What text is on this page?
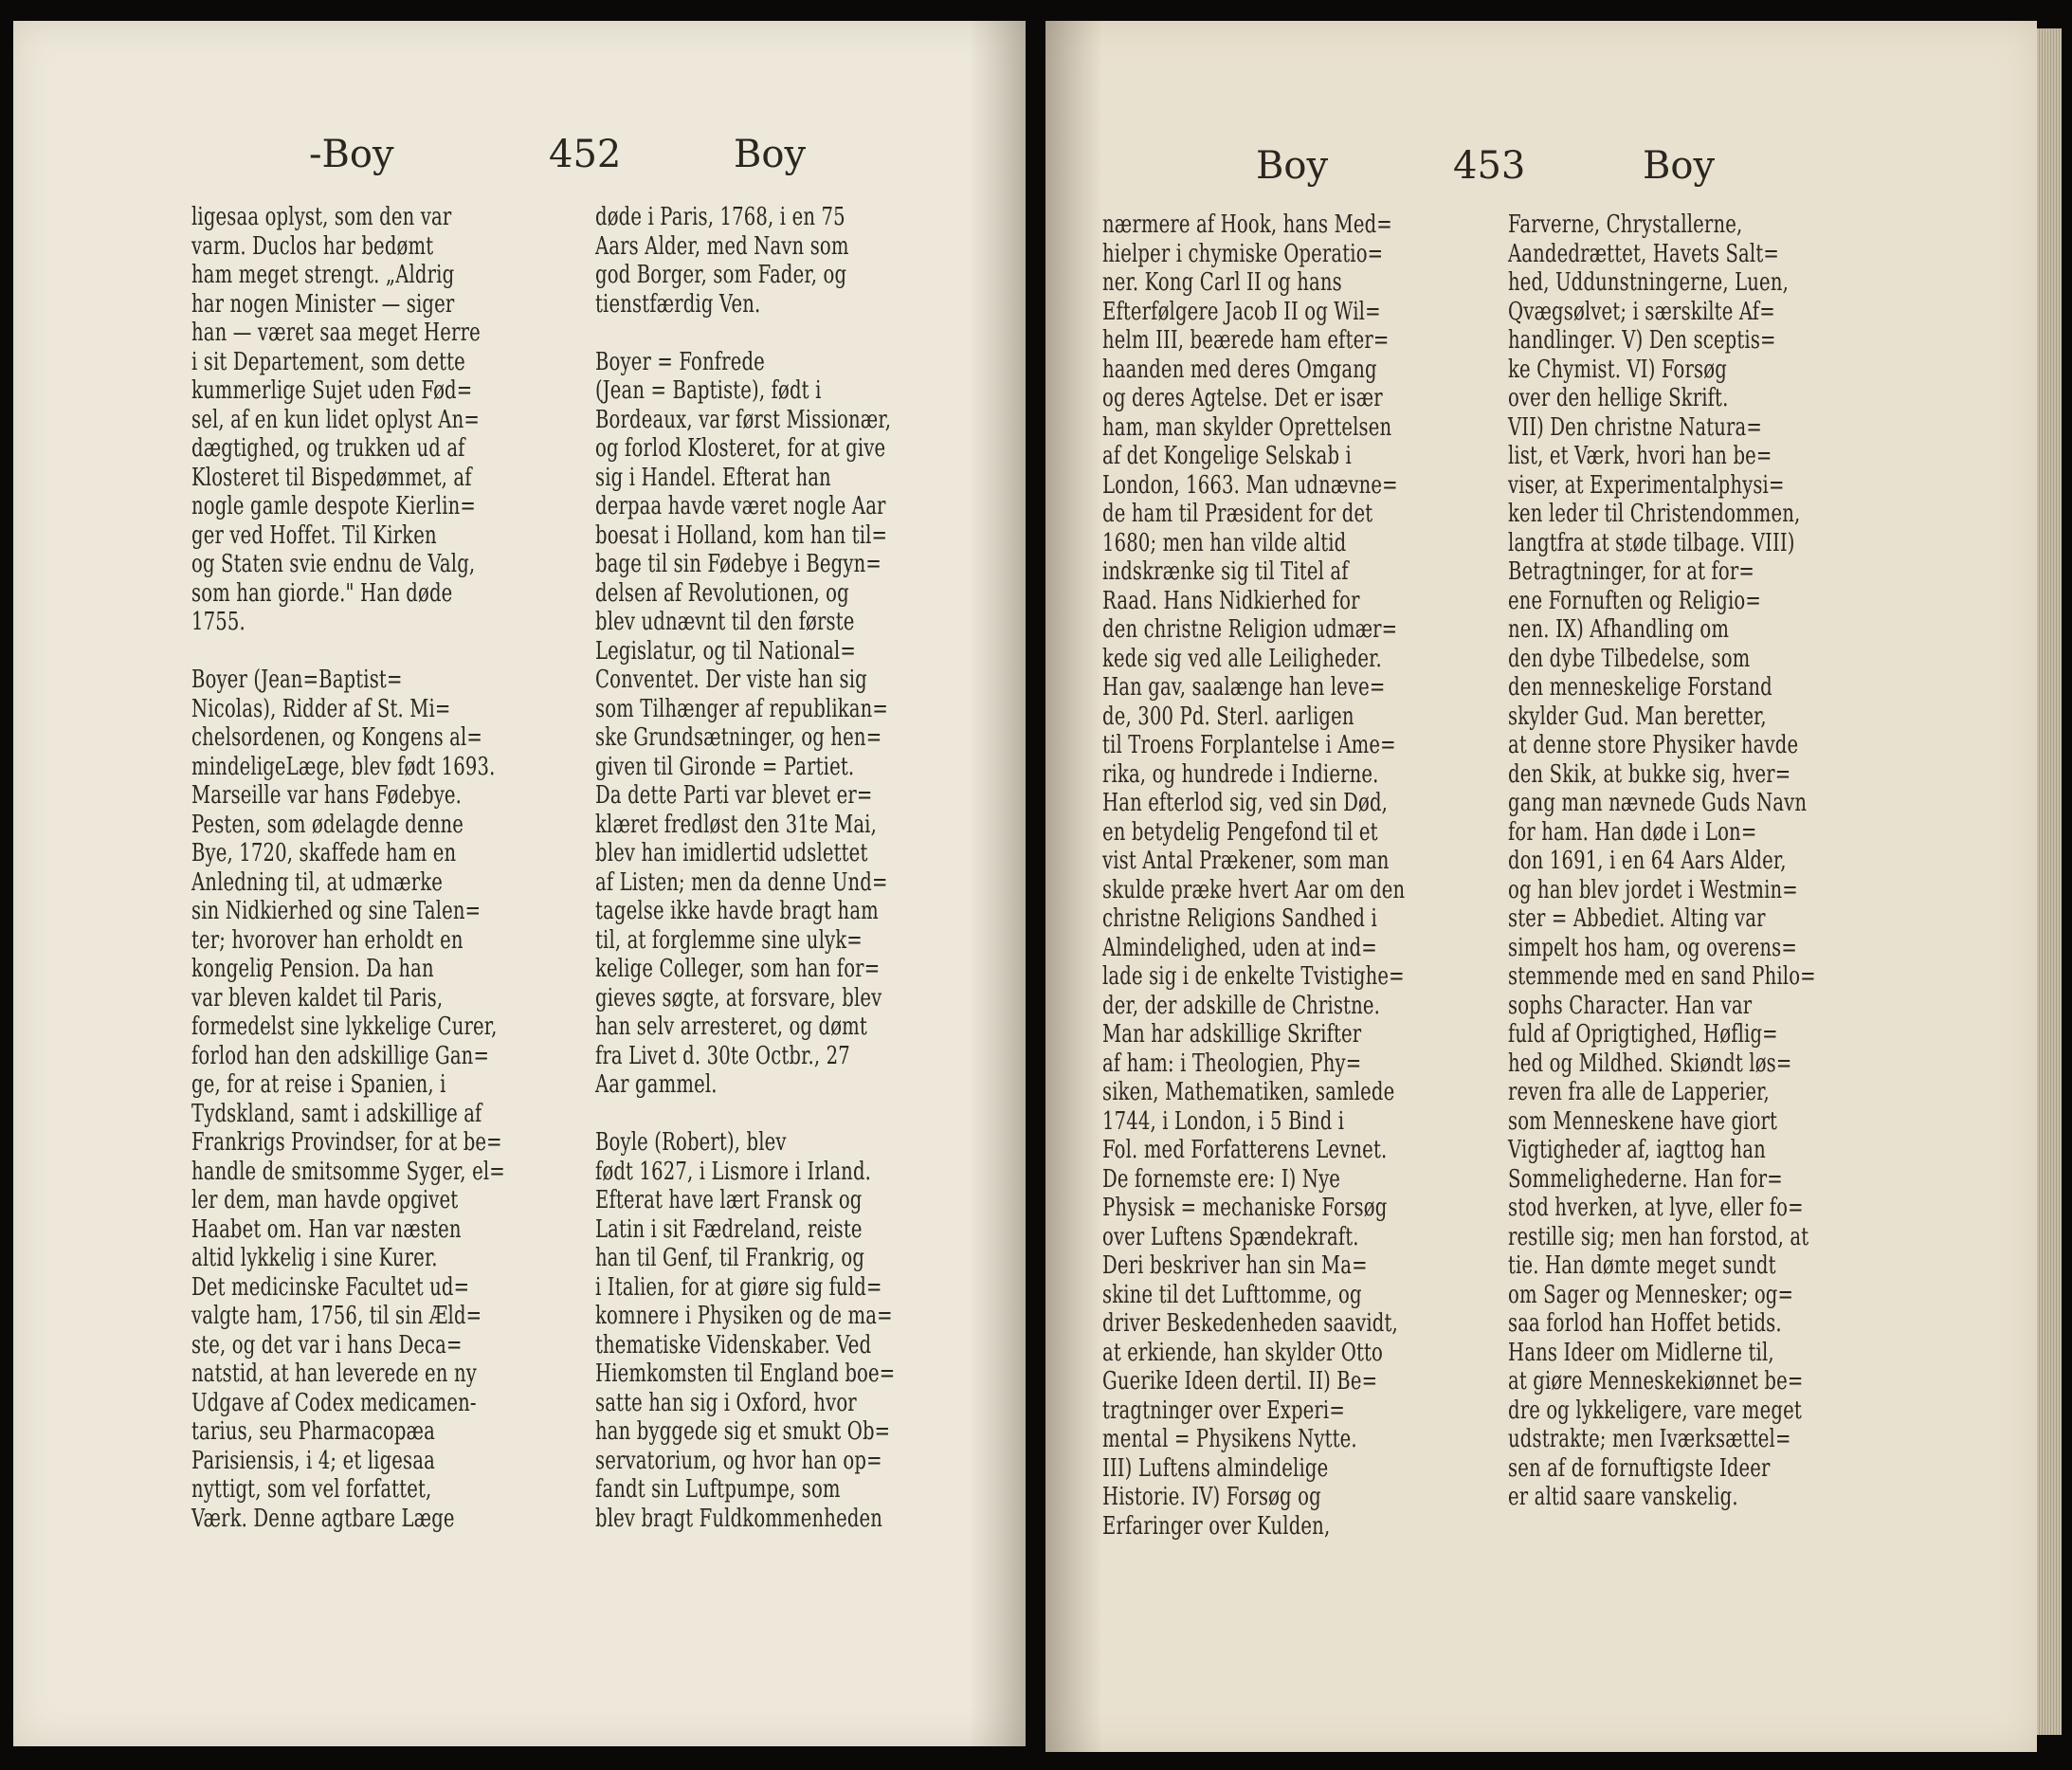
-Boy	452	Boy
ligesaa oplyst, som den var
varm. Duclos har bedømt
ham meget strengt. „Aldrig
har nogen Minister — siger
han — været saa meget Herre
i sit Departement, som dette
kummerlige Sujet uden Fød=
sel, af en kun lidet oplyst An=
dægtighed, og trukken ud af
Klosteret til Bispedømmet, af
nogle gamle despote Kierlin=
ger ved Hoffet. Til Kirken
og Staten svie endnu de Valg,
som han giorde." Han døde
1755.

Boyer (Jean=Baptist=
Nicolas), Ridder af St. Mi=
chelsordenen, og Kongens al=
mindeligeLæge, blev født 1693.
Marseille var hans Fødebye.
Pesten, som ødelagde denne
Bye, 1720, skaffede ham en
Anledning til, at udmærke
sin Nidkierhed og sine Talen=
ter; hvorover han erholdt en
kongelig Pension. Da han
var bleven kaldet til Paris,
formedelst sine lykkelige Curer,
forlod han den adskillige Gan=
ge, for at reise i Spanien, i
Tydskland, samt i adskillige af
Frankrigs Provindser, for at be=
handle de smitsomme Syger, el=
ler dem, man havde opgivet
Haabet om. Han var næsten
altid lykkelig i sine Kurer.
Det medicinske Facultet ud=
valgte ham, 1756, til sin Æld=
ste, og det var i hans Deca=
natstid, at han leverede en ny
Udgave af Codex medicamen-
tarius, seu Pharmacopæa
Parisiensis, i 4; et ligesaa
nyttigt, som vel forfattet,
Værk. Denne agtbare Læge
døde i Paris, 1768, i en 75
Aars Alder, med Navn som
god Borger, som Fader, og
tienstfærdig Ven.

Boyer = Fonfrede
(Jean = Baptiste), født i
Bordeaux, var først Missionær,
og forlod Klosteret, for at give
sig i Handel. Efterat han
derpaa havde været nogle Aar
boesat i Holland, kom han til=
bage til sin Fødebye i Begyn=
delsen af Revolutionen, og
blev udnævnt til den første
Legislatur, og til National=
Conventet. Der viste han sig
som Tilhænger af republikan=
ske Grundsætninger, og hen=
given til Gironde = Partiet.
Da dette Parti var blevet er=
klæret fredløst den 31te Mai,
blev han imidlertid udslettet
af Listen; men da denne Und=
tagelse ikke havde bragt ham
til, at forglemme sine ulyk=
kelige Colleger, som han for=
gieves søgte, at forsvare, blev
han selv arresteret, og dømt
fra Livet d. 30te Octbr., 27
Aar gammel.

Boyle (Robert), blev
født 1627, i Lismore i Irland.
Efterat have lært Fransk og
Latin i sit Fædreland, reiste
han til Genf, til Frankrig, og
i Italien, for at giøre sig fuld=
komnere i Physiken og de ma=
thematiske Videnskaber. Ved
Hiemkomsten til England boe=
satte han sig i Oxford, hvor
han byggede sig et smukt Ob=
servatorium, og hvor han op=
fandt sin Luftpumpe, som
blev bragt Fuldkommenheden
Boy	453	Boy
nærmere af Hook, hans Med=
hielper i chymiske Operatio=
ner. Kong Carl II og hans
Efterfølgere Jacob II og Wil=
helm III, beærede ham efter=
haanden med deres Omgang
og deres Agtelse. Det er især
ham, man skylder Oprettelsen
af det Kongelige Selskab i
London, 1663. Man udnævne=
de ham til Præsident for det
1680; men han vilde altid
indskrænke sig til Titel af
Raad. Hans Nidkierhed for
den christne Religion udmær=
kede sig ved alle Leiligheder.
Han gav, saalænge han leve=
de, 300 Pd. Sterl. aarligen
til Troens Forplantelse i Ame=
rika, og hundrede i Indierne.
Han efterlod sig, ved sin Død,
en betydelig Pengefond til et
vist Antal Prækener, som man
skulde præke hvert Aar om den
christne Religions Sandhed i
Almindelighed, uden at ind=
lade sig i de enkelte Tvistighe=
der, der adskille de Christne.
Man har adskillige Skrifter
af ham: i Theologien, Phy=
siken, Mathematiken, samlede
1744, i London, i 5 Bind i
Fol. med Forfatterens Levnet.
De fornemste ere: I) Nye
Physisk = mechaniske Forsøg
over Luftens Spændekraft.
Deri beskriver han sin Ma=
skine til det Lufttomme, og
driver Beskedenheden saavidt,
at erkiende, han skylder Otto
Guerike Ideen dertil. II) Be=
tragtninger over Experi=
mental = Physikens Nytte.
III) Luftens almindelige
Historie. IV) Forsøg og
Erfaringer over Kulden,
Farverne, Chrystallerne,
Aandedrættet, Havets Salt=
hed, Uddunstningerne, Luen,
Qvægsølvet; i særskilte Af=
handlinger. V) Den sceptis=
ke Chymist. VI) Forsøg
over den hellige Skrift.
VII) Den christne Natura=
list, et Værk, hvori han be=
viser, at Experimentalphysi=
ken leder til Christendommen,
langtfra at støde tilbage. VIII)
Betragtninger, for at for=
ene Fornuften og Religio=
nen. IX) Afhandling om
den dybe Tilbedelse, som
den menneskelige Forstand
skylder Gud. Man beretter,
at denne store Physiker havde
den Skik, at bukke sig, hver=
gang man nævnede Guds Navn
for ham. Han døde i Lon=
don 1691, i en 64 Aars Alder,
og han blev jordet i Westmin=
ster = Abbediet. Alting var
simpelt hos ham, og overens=
stemmende med en sand Philo=
sophs Character. Han var
fuld af Oprigtighed, Høflig=
hed og Mildhed. Skiøndt løs=
reven fra alle de Lapperier,
som Menneskene have giort
Vigtigheder af, iagttog han
Sommelighederne. Han for=
stod hverken, at lyve, eller fo=
restille sig; men han forstod, at
tie. Han dømte meget sundt
om Sager og Mennesker; og=
saa forlod han Hoffet betids.
Hans Ideer om Midlerne til,
at giøre Menneskekiønnet be=
dre og lykkeligere, vare meget
udstrakte; men Iværksættel=
sen af de fornuftigste Ideer
er altid saare vanskelig.
